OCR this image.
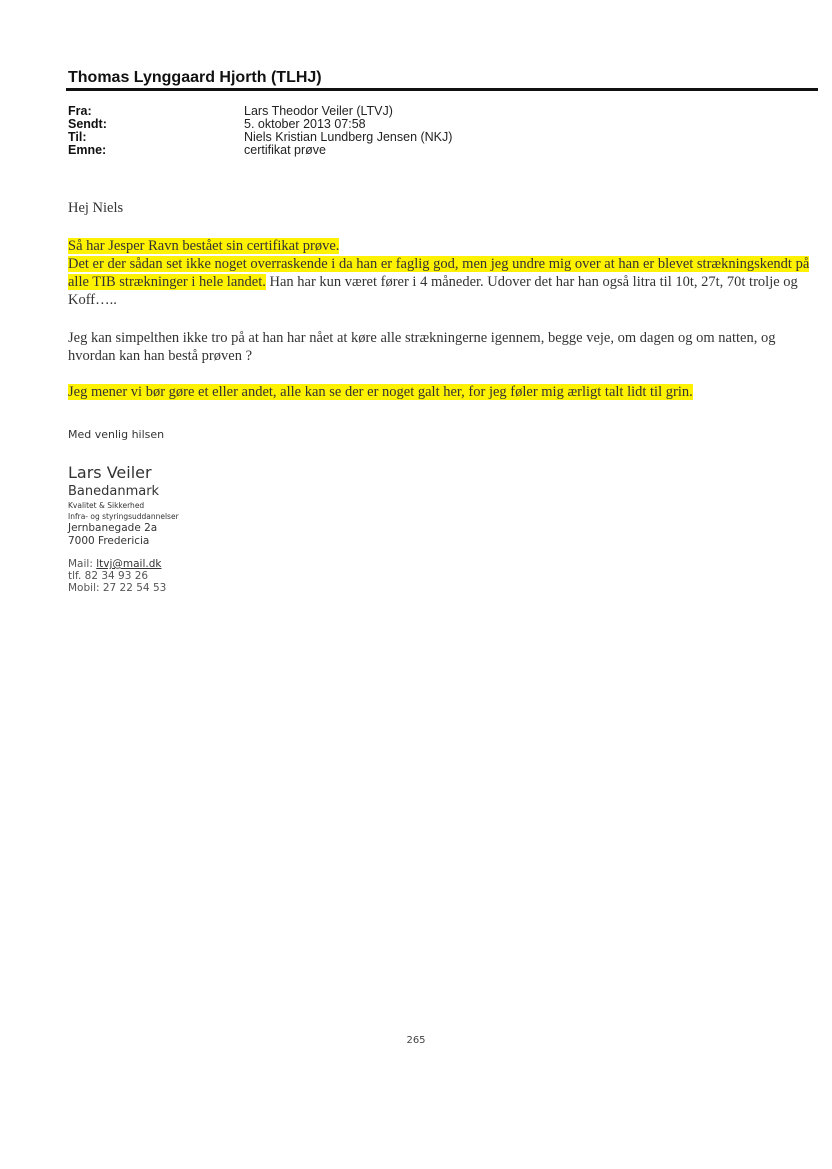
Thomas Lynggaard Hjorth (TLHJ)
Fra:	Lars Theodor Veiler (LTVJ)
Sendt:	5. oktober 2013 07:58
Til:	Niels Kristian Lundberg Jensen (NKJ)
Emne:	certifikat prøve

Hej Niels

Så har Jesper Ravn bestået sin certifikat prøve.
Det er der sådan set ikke noget overraskende i da han er faglig god, men jeg undre mig over at han er blevet strækningskendt på alle TIB strækninger i hele landet. Han har kun været fører i 4 måneder. Udover det har han også litra til 10t, 27t, 70t trolje og Koff…..

Jeg kan simpelthen ikke tro på at han har nået at køre alle strækningerne igennem, begge veje, om dagen og om natten, og hvordan kan han bestå prøven ?

Jeg mener vi bør gøre et eller andet, alle kan se der er noget galt her, for jeg føler mig ærligt talt lidt til grin.

Med venlig hilsen
Lars Veiler
Banedanmark
Kvalitet & Sikkerhed
Infra- og styringsuddannelser
Jernbanegade 2a
7000 Fredericia
Mail: ltvj@mail.dk
tlf. 82 34 93 26
Mobil: 27 22 54 53
265
